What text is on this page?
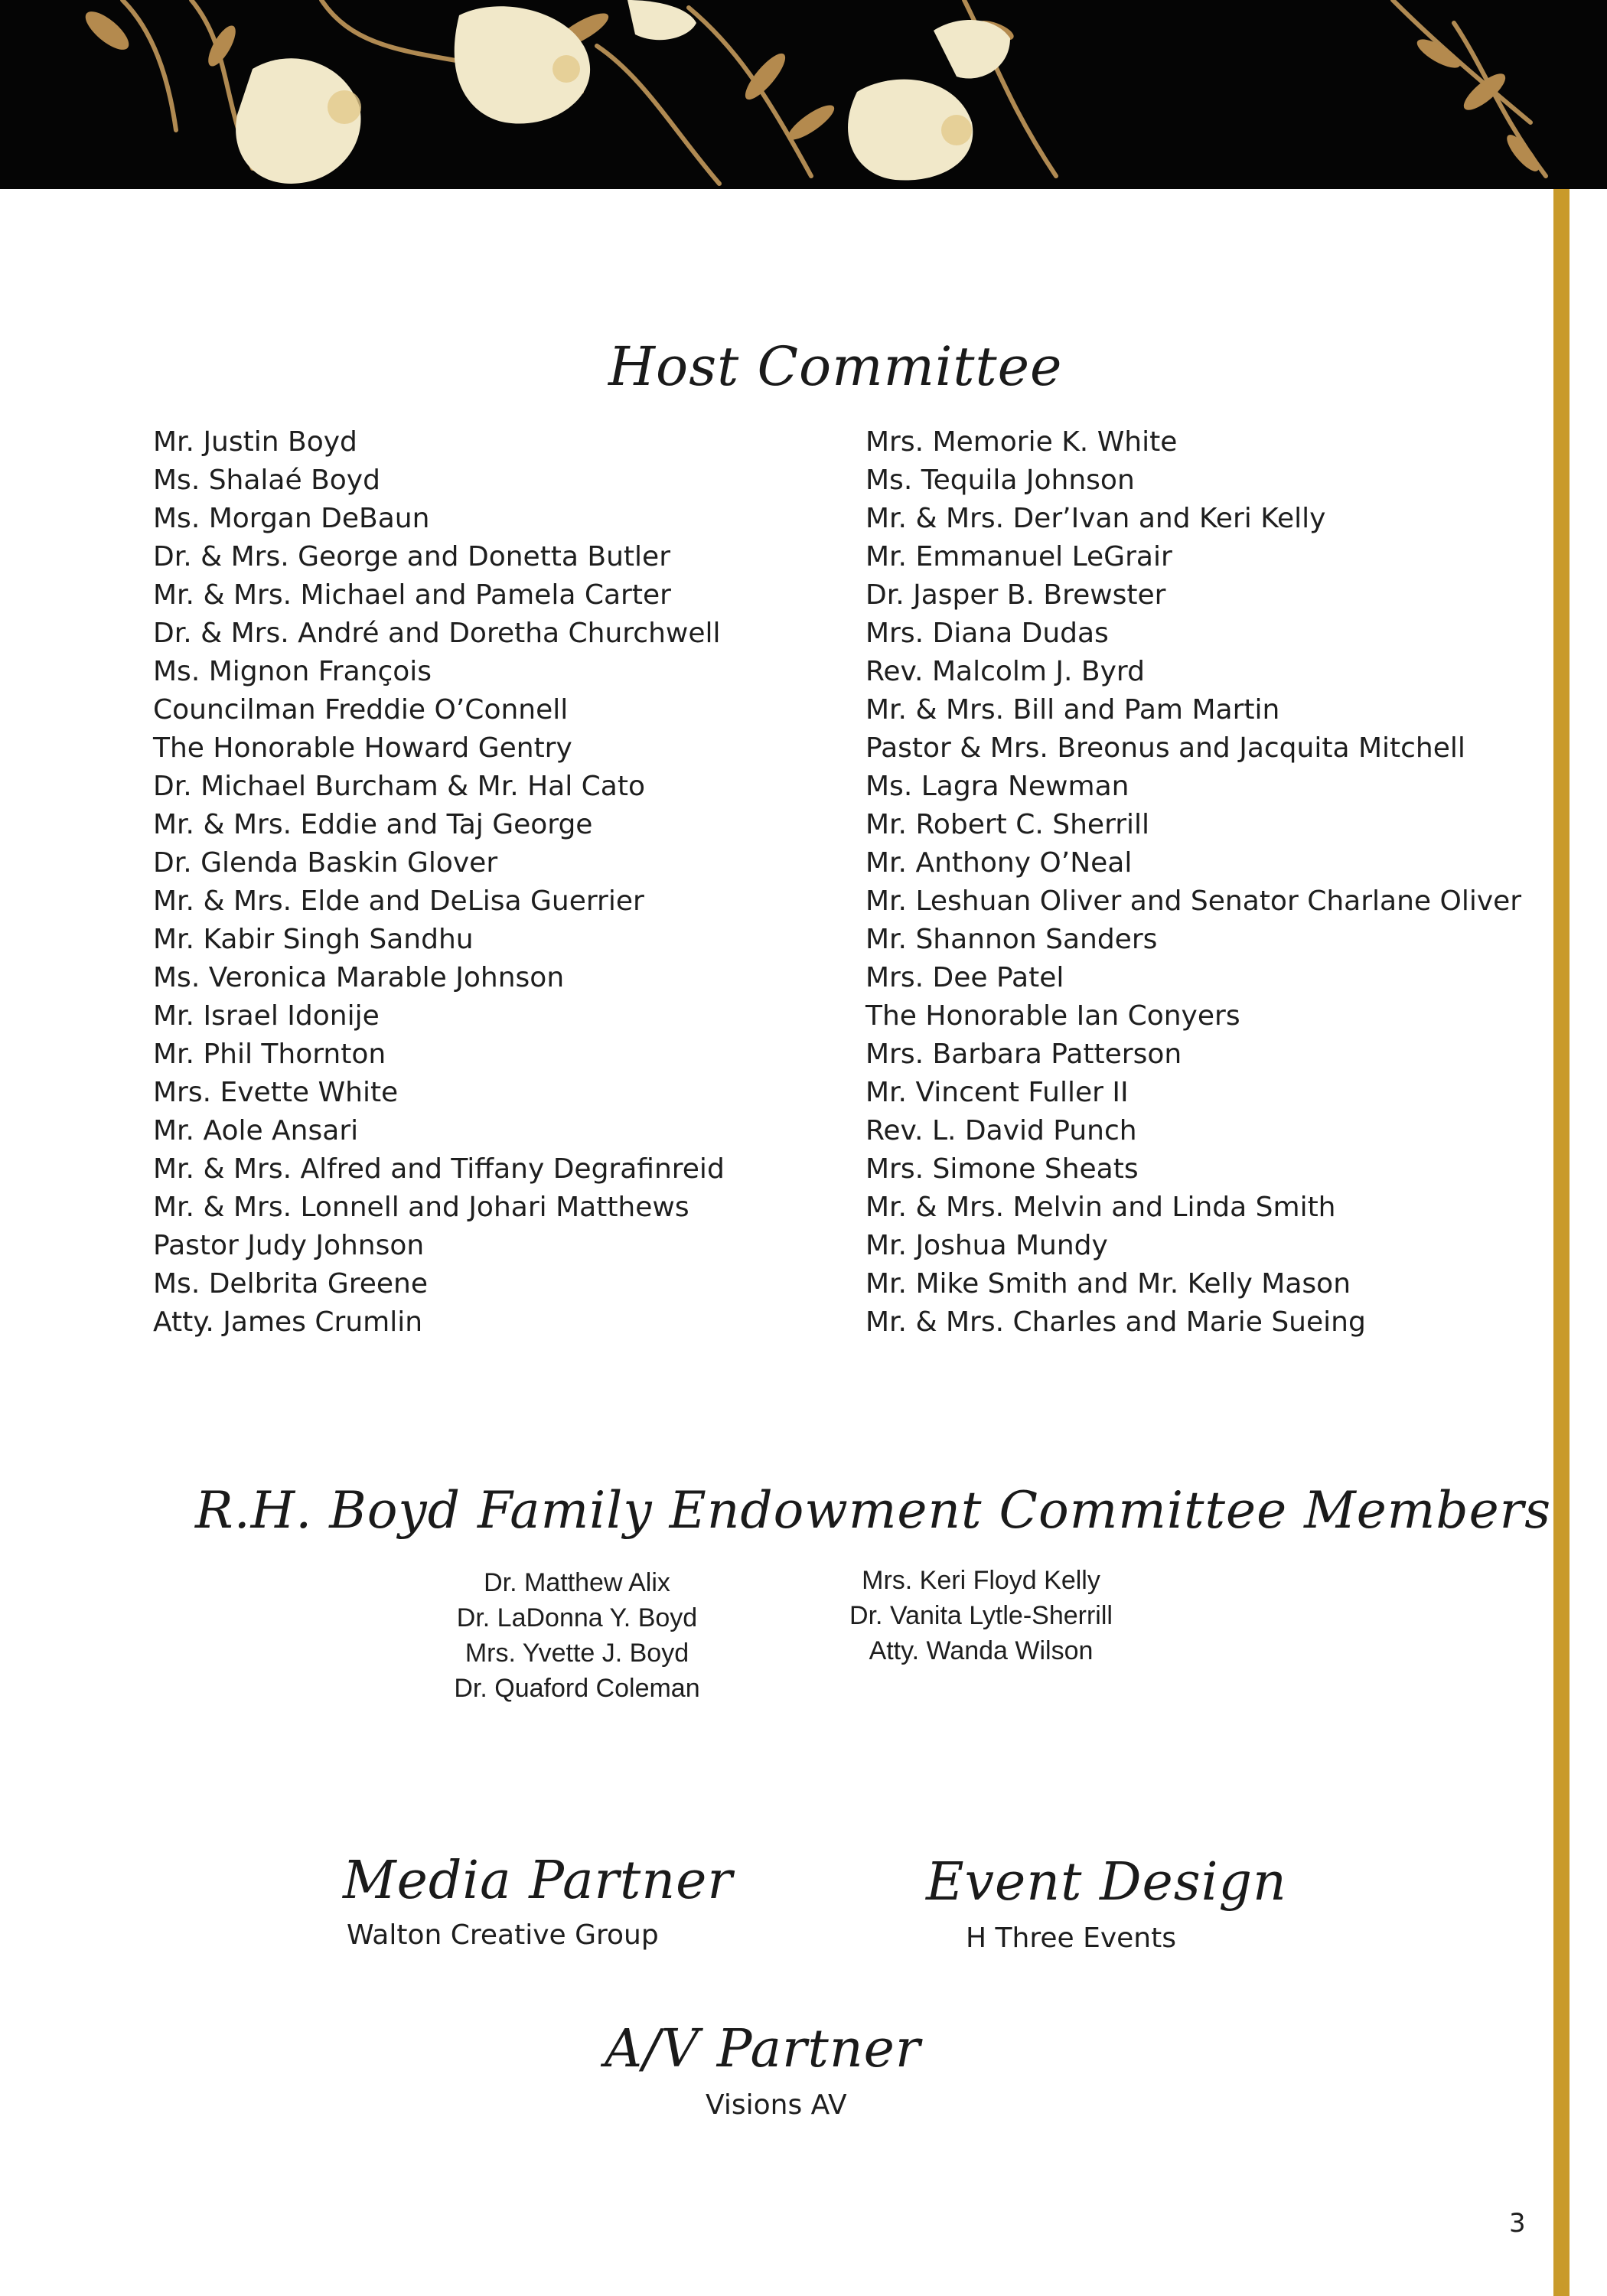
Host Committee
Mr. Justin Boyd
Ms. Shalaé Boyd
Ms. Morgan DeBaun
Dr. & Mrs. George and Donetta Butler
Mr. & Mrs. Michael and Pamela Carter
Dr. & Mrs. André and Doretha Churchwell
Ms. Mignon François
Councilman Freddie O’Connell
The Honorable Howard Gentry
Dr. Michael Burcham & Mr. Hal Cato
Mr. & Mrs. Eddie and Taj George
Dr. Glenda Baskin Glover
Mr. & Mrs. Elde and DeLisa Guerrier
Mr. Kabir Singh Sandhu
Ms. Veronica Marable Johnson
Mr. Israel Idonije
Mr. Phil Thornton
Mrs. Evette White
Mr. Aole Ansari
Mr. & Mrs. Alfred and Tiffany Degrafinreid
Mr. & Mrs. Lonnell and Johari Matthews
Pastor Judy Johnson
Ms. Delbrita Greene
Atty. James Crumlin
Mrs. Memorie K. White
Ms. Tequila Johnson
Mr. & Mrs. Der’Ivan and Keri Kelly
Mr. Emmanuel LeGrair
Dr. Jasper B. Brewster
Mrs. Diana Dudas
Rev. Malcolm J. Byrd
Mr. & Mrs. Bill and Pam Martin
Pastor & Mrs. Breonus and Jacquita Mitchell
Ms. Lagra Newman
Mr. Robert C. Sherrill
Mr. Anthony O’Neal
Mr. Leshuan Oliver and Senator Charlane Oliver
Mr. Shannon Sanders
Mrs. Dee Patel
The Honorable Ian Conyers
Mrs. Barbara Patterson
Mr. Vincent Fuller II
Rev. L. David Punch
Mrs. Simone Sheats
Mr. & Mrs. Melvin and Linda Smith
Mr. Joshua Mundy
Mr. Mike Smith and Mr. Kelly Mason
Mr. & Mrs. Charles and Marie Sueing
R.H. Boyd Family Endowment Committee Members
Dr. Matthew Alix
Dr. LaDonna Y. Boyd
Mrs. Yvette J. Boyd
Dr. Quaford Coleman
Mrs. Keri Floyd Kelly
Dr. Vanita Lytle-Sherrill
Atty. Wanda Wilson
Media Partner
Walton Creative Group
Event Design
H Three Events
A/V Partner
Visions AV
3
